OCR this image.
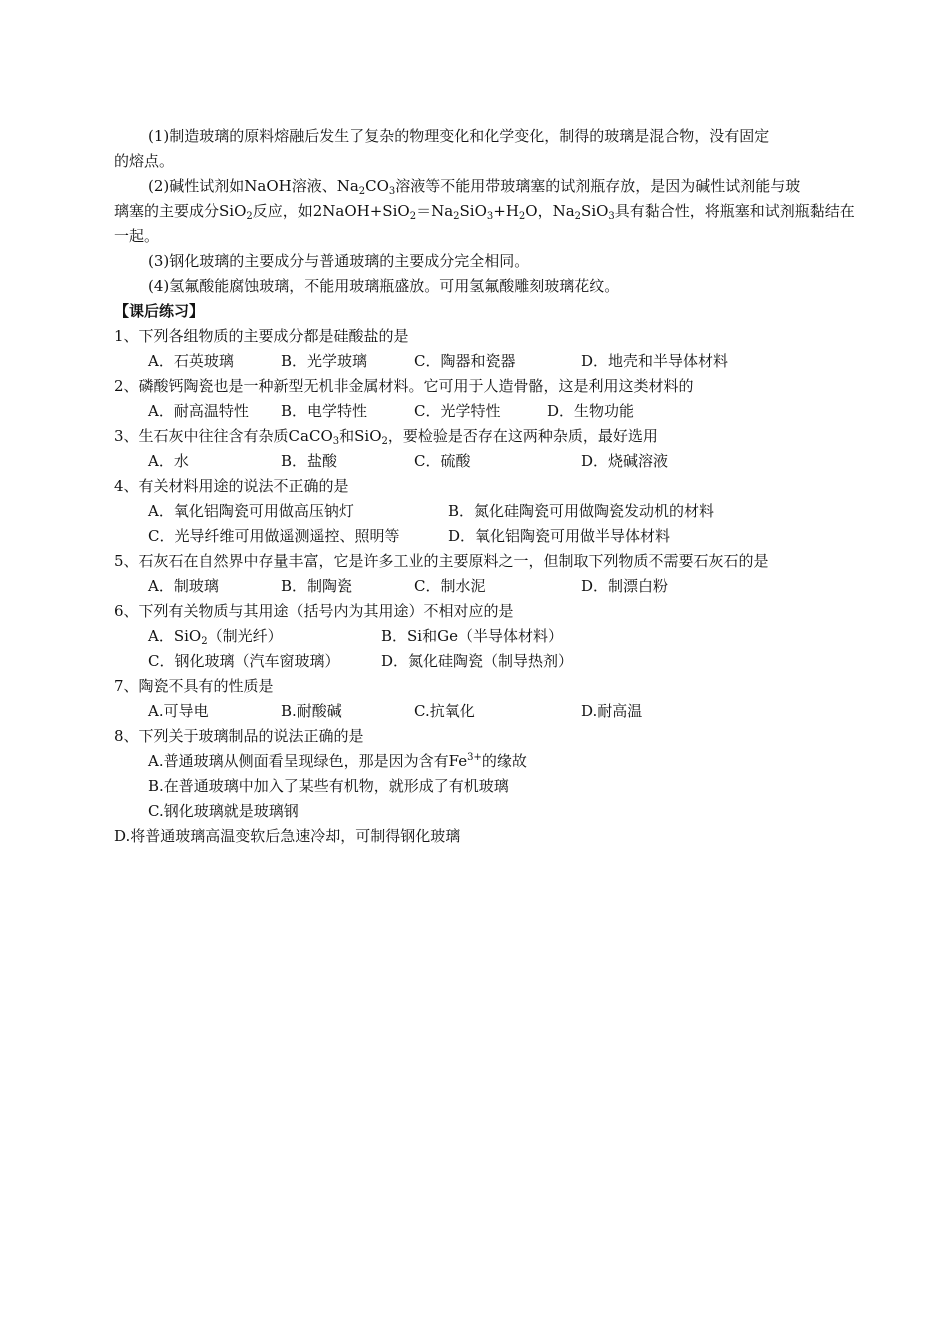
(1)制造玻璃的原料熔融后发生了复杂的物理变化和化学变化，制得的玻璃是混合物，没有固定
的熔点。
(2)碱性试剂如NaOH溶液、$Na_2CO_3$溶液等不能用带玻璃塞的试剂瓶存放，是因为碱性试剂能与玻
璃塞的主要成分SiO$_2$反应，如$2NaOH+SiO_2=Na_2SiO_3+H_2O$，$Na_2SiO_3$具有黏合性，将瓶塞和试剂瓶黏结在
一起。
(3)钢化玻璃的主要成分与普通玻璃的主要成分完全相同。
(4)氢氟酸能腐蚀玻璃，不能用玻璃瓶盛放。可用氢氟酸雕刻玻璃花纹。
【课后练习】
1、下列各组物质的主要成分都是硅酸盐的是
A．石英玻璃	B．光学玻璃	C．陶器和瓷器	D．地壳和半导体材料
2、磷酸钙陶瓷也是一种新型无机非金属材料。它可用于人造骨骼，这是利用这类材料的
A．耐高温特性 B．电学特性	C．光学特性	D．生物功能
3、生石灰中往往含有杂质CaCO$_3$和SiO$_2$，要检验是否存在这两种杂质，最好选用
A．水	B．盐酸	C．硫酸	D．烧碱溶液
4、有关材料用途的说法不正确的是
A．氧化铝陶瓷可用做高压钠灯	B．氮化硅陶瓷可用做陶瓷发动机的材料
C．光导纤维可用做遥测遥控、照明等	D．氧化铝陶瓷可用做半导体材料
5、石灰石在自然界中存量丰富，它是许多工业的主要原料之一，但制取下列物质不需要石灰石的是
A．制玻璃	B．制陶瓷	C．制水泥	D．制漂白粉
6、下列有关物质与其用途（括号内为其用途）不相对应的是
A．SiO$_2$（制光纤）	B．Si和Ge（半导体材料）
C．钢化玻璃（汽车窗玻璃）	D．氮化硅陶瓷（制导热剂）
7、陶瓷不具有的性质是
A.可导电	B.耐酸碱	C.抗氧化	D.耐高温
8、下列关于玻璃制品的说法正确的是
A.普通玻璃从侧面看呈现绿色，那是因为含有$Fe^{3+}$的缘故
B.在普通玻璃中加入了某些有机物，就形成了有机玻璃
C.钢化玻璃就是玻璃钢
D.将普通玻璃高温变软后急速冷却，可制得钢化玻璃
